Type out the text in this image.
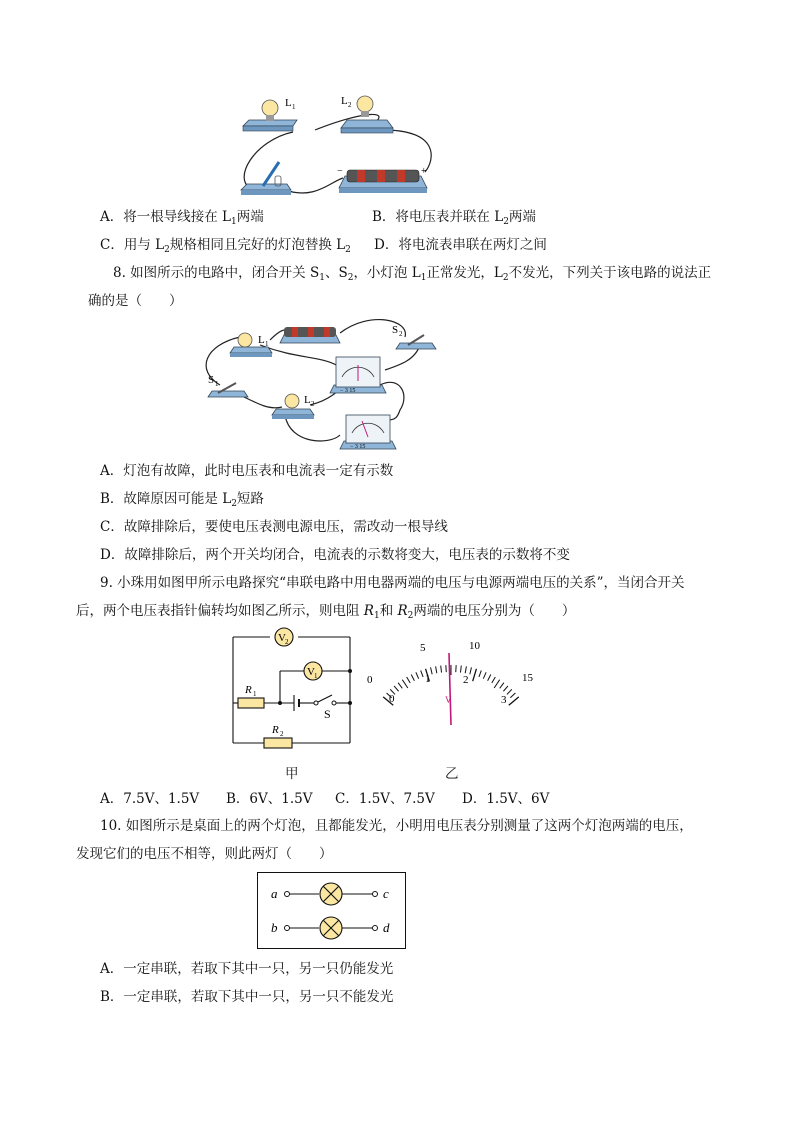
L 1	L 2
−	+
A．将一根导线接在 $L_1$两端	B．将电压表并联在 $L_2$两端
C．用与 $L_2$规格相同且完好的灯泡替换 $L_2$ D．将电流表串联在两灯之间
8. 如图所示的电路中，闭合开关 $S_1$、$S_2$，小灯泡 $L_1$正常发光，$L_2$不发光，下列关于该电路的说法正
确的是（　　）
L 1
S 2
S 1
L 2
− 3 15
− 3 15
A．灯泡有故障，此时电压表和电流表一定有示数
B．故障原因可能是 $L_2$短路
C．故障排除后，要使电压表测电源电压，需改动一根导线
D．故障排除后，两个开关均闭合，电流表的示数将变大，电压表的示数将不变
9. 小珠用如图甲所示电路探究“串联电路中用电器两端的电压与电源两端电压的关系”，当闭合开关
后，两个电压表指针偏转均如图乙所示，则电阻 $R_1$和 $R_2$两端的电压分别为（　　）
V 2
V 1
R 1
S
R 2
0
5	10
15
0
1	2
3
V
甲	乙
A．7.5V、1.5V B．6V、1.5V C．1.5V、7.5V D．1.5V、6V
10. 如图所示是桌面上的两个灯泡，且都能发光，小明用电压表分别测量了这两个灯泡两端的电压，
发现它们的电压不相等，则此两灯（　　）
a	c
b	d
A．一定串联，若取下其中一只，另一只仍能发光
B．一定串联，若取下其中一只，另一只不能发光
